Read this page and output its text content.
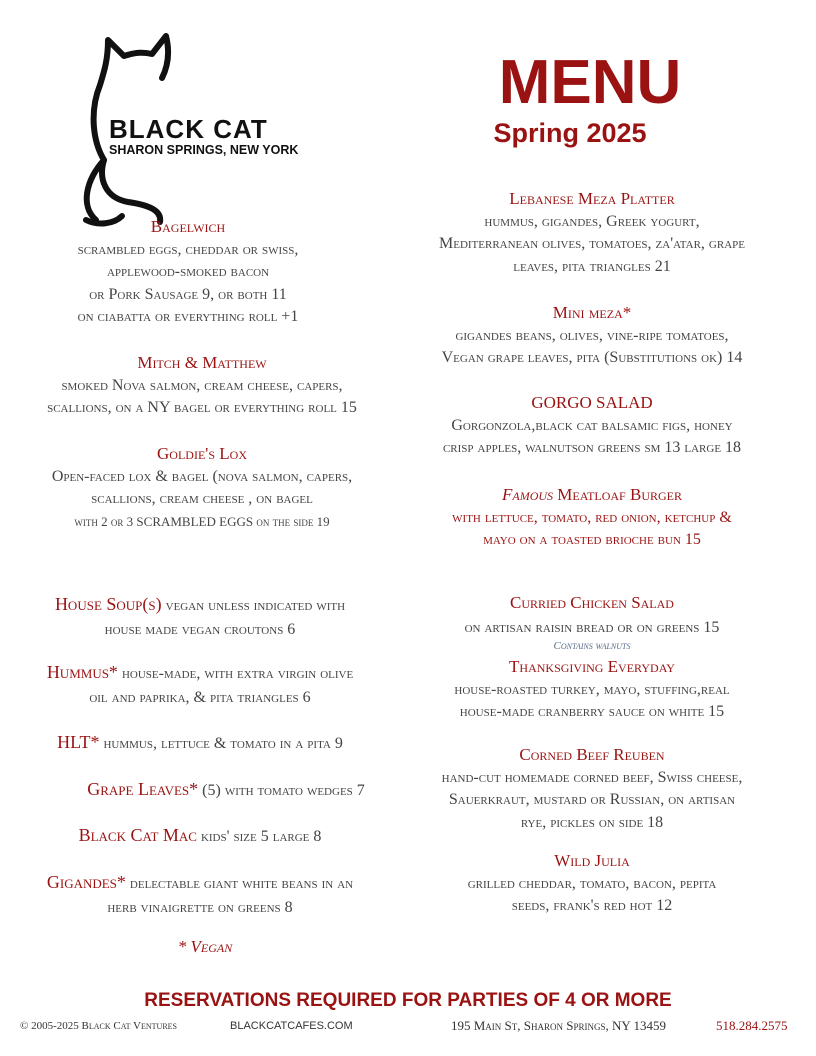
BLACK CAT
SHARON SPRINGS, NEW YORK
MENU
Spring 2025
Bagelwich
scrambled eggs, cheddar or swiss,
applewood-smoked bacon
or Pork Sausage 9, or both 11
on ciabatta or everything roll +1
Mitch & Matthew
smoked Nova salmon, cream cheese, capers,
scallions, on a NY bagel or everything roll 15
Goldie's Lox
Open-faced lox & bagel (nova salmon, capers,
scallions, cream cheese , on bagel
with 2 or 3 SCRAMBLED EGGS on the side 19
Lebanese Meza Platter
hummus, gigandes, Greek yogurt,
Mediterranean olives, tomatoes, za'atar, grape
leaves, pita triangles 21
Mini meza*
gigandes beans, olives, vine-ripe tomatoes,
Vegan grape leaves, pita (Substitutions ok) 14
GORGO SALAD
Gorgonzola,black cat balsamic figs, honey
crisp apples, walnutson greens sm 13 large 18
Famous Meatloaf Burger
with lettuce, tomato, red onion, ketchup &
mayo on a toasted brioche bun 15
House Soup(s) vegan unless indicated with
house made vegan croutons 6
Hummus* house-made, with extra virgin olive
oil and paprika, & pita triangles 6
HLT* hummus, lettuce & tomato in a pita 9
Grape Leaves* (5) with tomato wedges 7
Black Cat Mac kids' size 5 large 8
Gigandes* delectable giant white beans in an
herb vinaigrette on greens 8
* Vegan
Curried Chicken Salad
on artisan raisin bread or on greens 15
Contains walnuts
Thanksgiving Everyday
house-roasted turkey, mayo, stuffing,real
house-made cranberry sauce on white 15
Corned Beef Reuben
hand-cut homemade corned beef, Swiss cheese,
Sauerkraut, mustard or Russian, on artisan
rye, pickles on side 18
Wild Julia
grilled cheddar, tomato, bacon, pepita
seeds, frank's red hot 12
RESERVATIONS REQUIRED FOR PARTIES OF 4 OR MORE
© 2005-2025 Black Cat Ventures	BLACKCATCAFES.COM	195 Main St, Sharon Springs, NY 13459	518.284.2575
